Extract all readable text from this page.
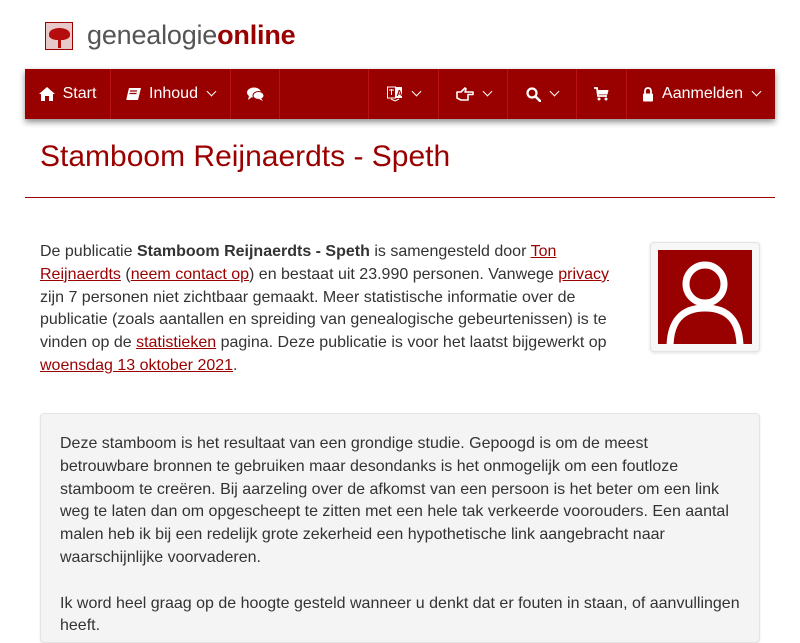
genealogieonline
Start	Inhoud	A	Aanmelden
Stamboom Reijnaerdts - Speth
De publicatie Stamboom Reijnaerdts - Speth is samengesteld door Ton Reijnaerdts (neem contact op) en bestaat uit 23.990 personen. Vanwege privacy zijn 7 personen niet zichtbaar gemaakt. Meer statistische informatie over de publicatie (zoals aantallen en spreiding van genealogische gebeurtenissen) is te vinden op de statistieken pagina. Deze publicatie is voor het laatst bijgewerkt op woensdag 13 oktober 2021.

Deze stamboom is het resultaat van een grondige studie. Gepoogd is om de meest betrouwbare bronnen te gebruiken maar desondanks is het onmogelijk om een foutloze stamboom te creëren. Bij aarzeling over de afkomst van een persoon is het beter om een link weg te laten dan om opgescheept te zitten met een hele tak verkeerde voorouders. Een aantal malen heb ik bij een redelijk grote zekerheid een hypothetische link aangebracht naar waarschijnlijke voorvaderen.

Ik word heel graag op de hoogte gesteld wanneer u denkt dat er fouten in staan, of aanvullingen heeft.
